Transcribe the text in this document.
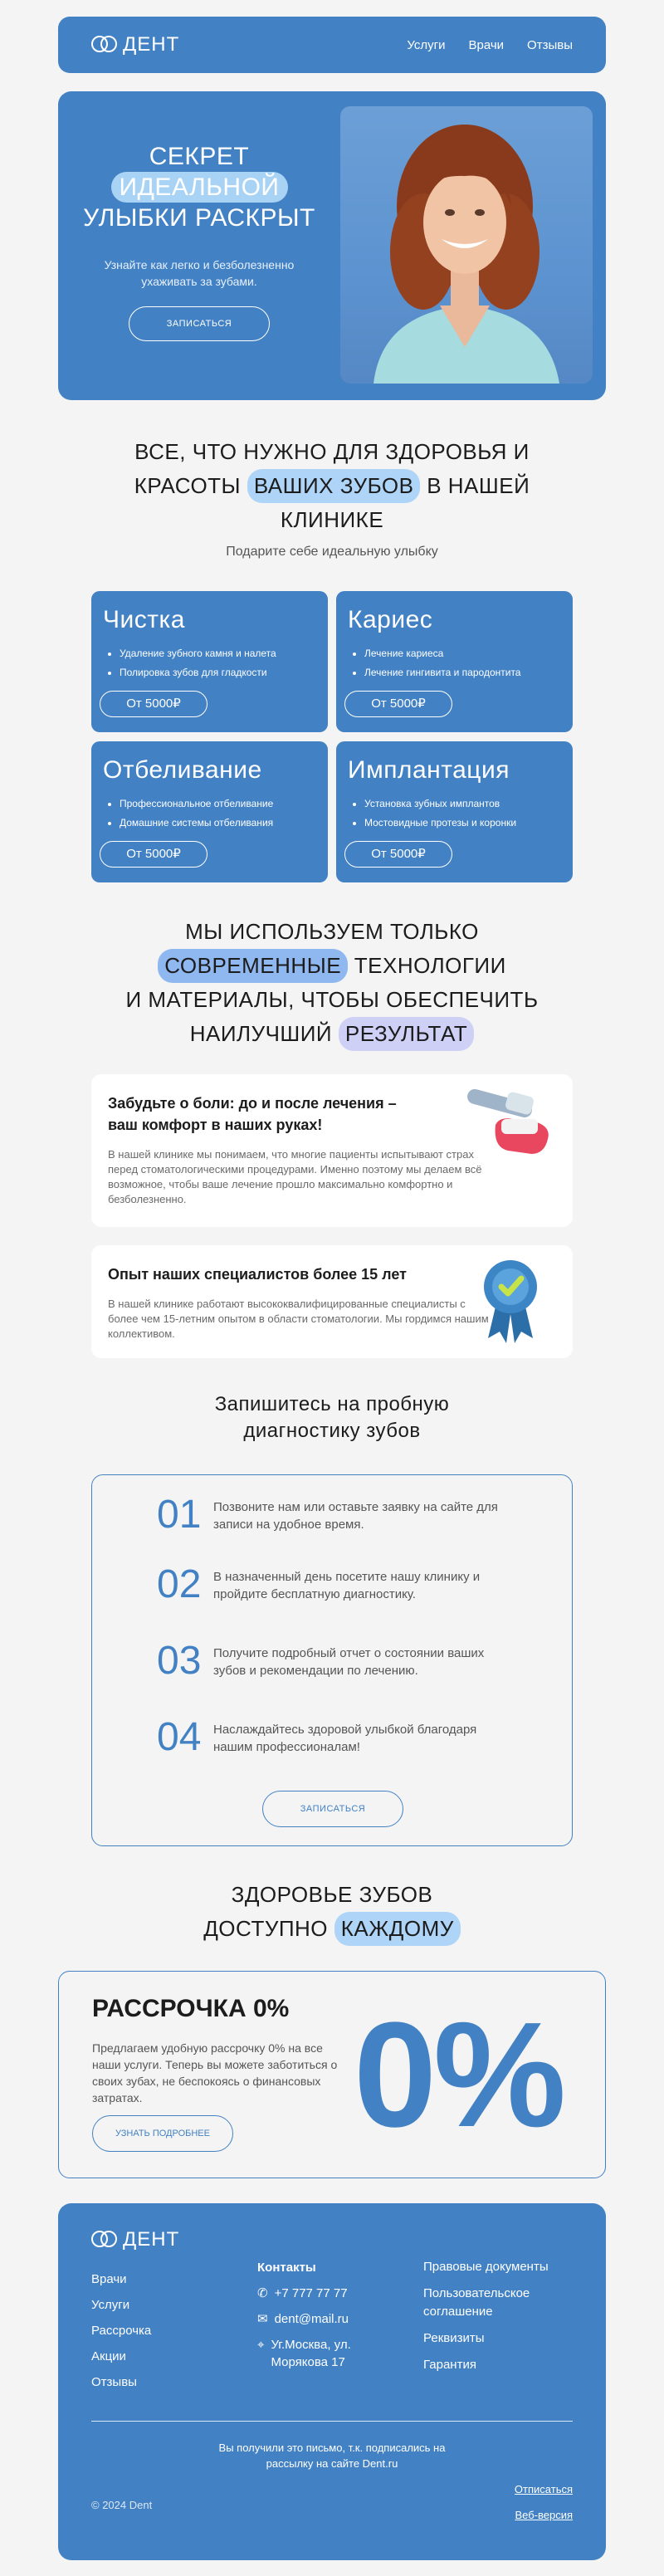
ДЕНТ	Услуги Врачи Отзывы
СЕКРЕТ
ИДЕАЛЬНОЙ
УЛЫБКИ РАСКРЫТ
Узнайте как легко и безболезненно ухаживать за зубами.
ЗАПИСАТЬСЯ
ВСЕ, ЧТО НУЖНО ДЛЯ ЗДОРОВЬЯ И
КРАСОТЫ ВАШИХ ЗУБОВ В НАШЕЙ
КЛИНИКЕ
Подарите себе идеальную улыбку
Чистка
• Удаление зубного камня и налета
• Полировка зубов для гладкости
От 5000₽
Кариес
• Лечение кариеса
• Лечение гингивита и пародонтита
От 5000₽
Отбеливание
• Профессиональное отбеливание
• Домашние системы отбеливания
От 5000₽
Имплантация
• Установка зубных имплантов
• Мостовидные протезы и коронки
От 5000₽
МЫ ИСПОЛЬЗУЕМ ТОЛЬКО
СОВРЕМЕННЫЕ ТЕХНОЛОГИИ
И МАТЕРИАЛЫ, ЧТОБЫ ОБЕСПЕЧИТЬ
НАИЛУЧШИЙ РЕЗУЛЬТАТ
Забудьте о боли: до и после лечения – ваш комфорт в наших руках!

В нашей клинике мы понимаем, что многие пациенты испытывают страх перед стоматологическими процедурами. Именно поэтому мы делаем всё возможное, чтобы ваше лечение прошло максимально комфортно и безболезненно.

Опыт наших специалистов более 15 лет

В нашей клинике работают высококвалифицированные специалисты с более чем 15-летним опытом в области стоматологии. Мы гордимся нашим коллективом.

Запишитесь на пробную
диагностику зубов
01 Позвоните нам или оставьте заявку на сайте для записи на удобное время.
02 В назначенный день посетите нашу клинику и пройдите бесплатную диагностику.
03 Получите подробный отчет о состоянии ваших зубов и рекомендации по лечению.
04 Наслаждайтесь здоровой улыбкой благодаря нашим профессионалам!
ЗАПИСАТЬСЯ
ЗДОРОВЬЕ ЗУБОВ
ДОСТУПНО КАЖДОМУ
РАССРОЧКА 0%

Предлагаем удобную рассрочку 0% на все наши услуги. Теперь вы можете заботиться о своих зубах, не беспокоясь о финансовых затратах.	0%
УЗНАТЬ ПОДРОБНЕЕ
ДЕНТ
Врачи
Услуги
Рассрочка
Акции
Отзывы
Контакты
✆ +7 777 77 77
✉ dent@mail.ru
⌖ Уг.Москва, ул. Морякова 17
Правовые документы
Пользовательское соглашение
Реквизиты
Гарантия
Вы получили это письмо, т.к. подписались на рассылку на сайте Dent.ru
© 2024 Dent
Отписаться
Веб-версия
